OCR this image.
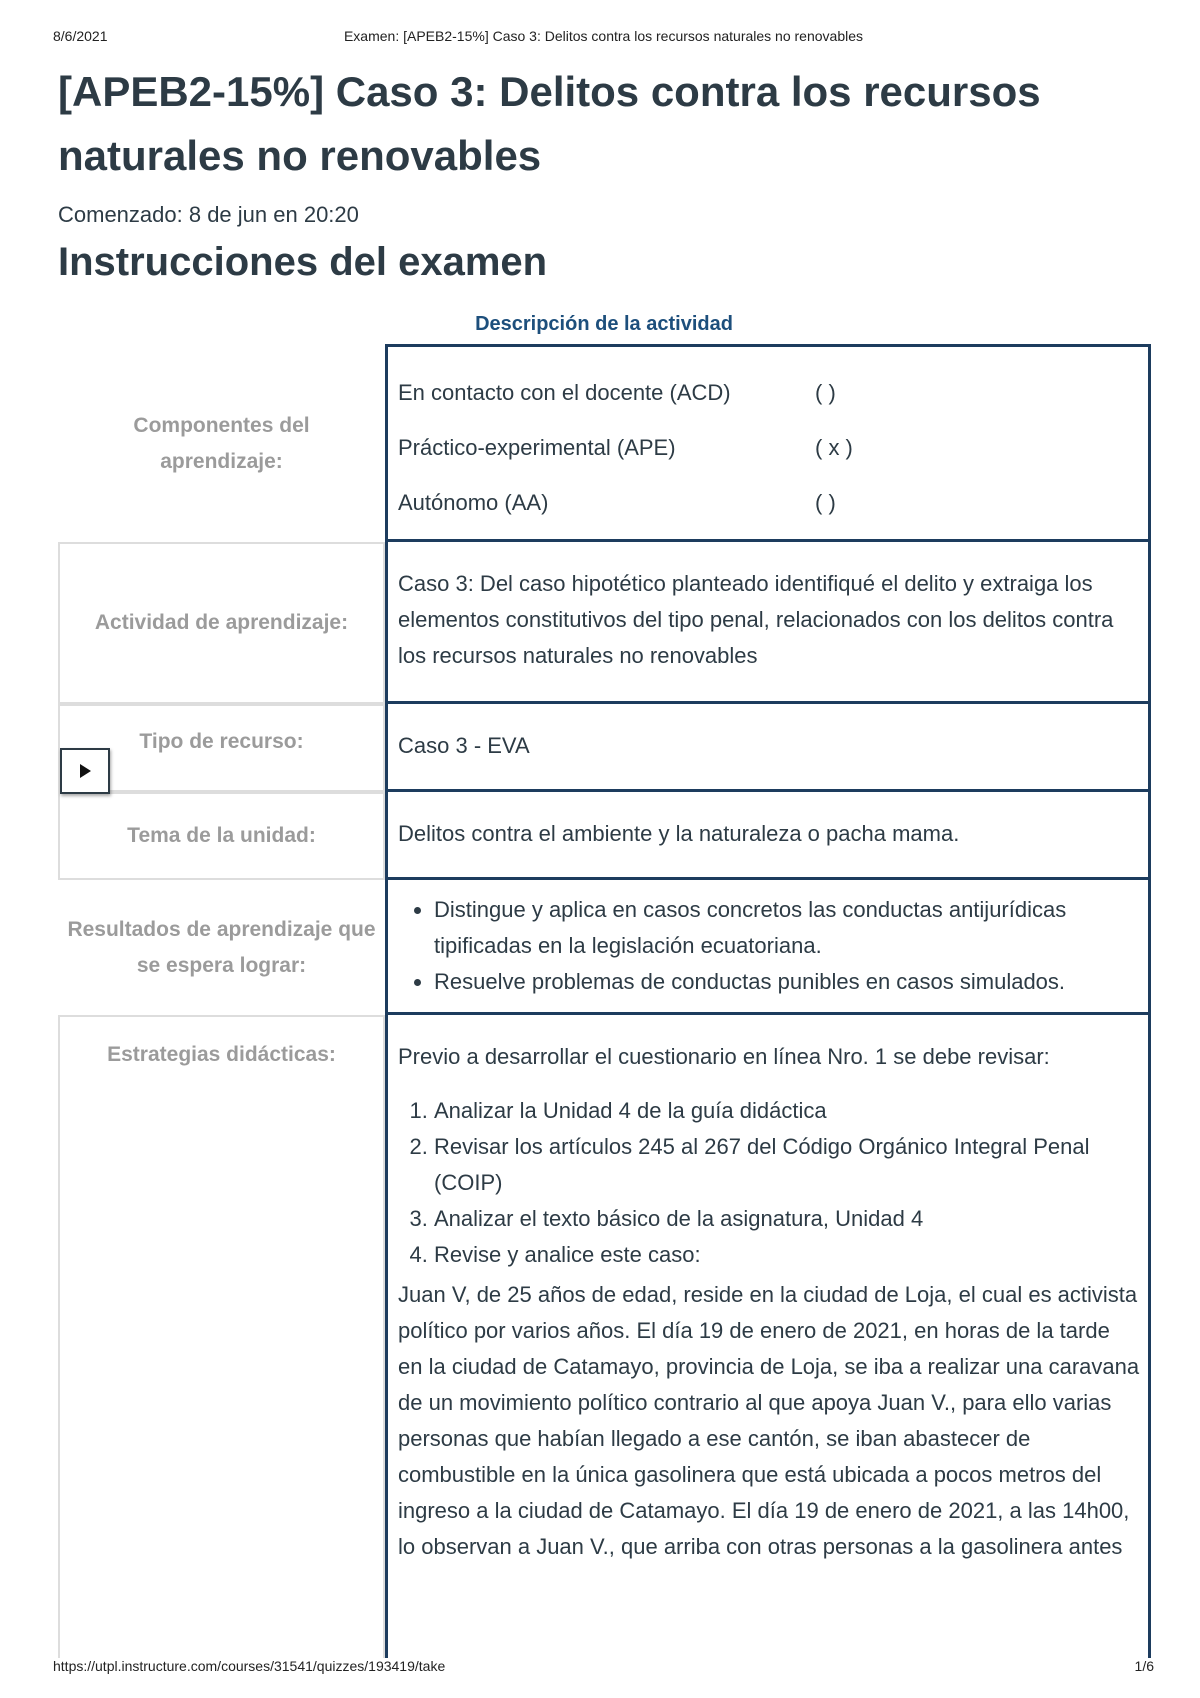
8/6/2021	Examen: [APEB2-15%] Caso 3: Delitos contra los recursos naturales no renovables
[APEB2-15%] Caso 3: Delitos contra los recursos naturales no renovables
Comenzado: 8 de jun en 20:20
Instrucciones del examen
Descripción de la actividad
Componentes del aprendizaje:
En contacto con el docente (ACD)	( )
Práctico-experimental (APE)	( x )
Autónomo (AA)	( )
Actividad de aprendizaje:
Caso 3: Del caso hipotético planteado identifiqué el delito y extraiga los elementos constitutivos del tipo penal, relacionados con los delitos contra los recursos naturales no renovables
Tipo de recurso:	Caso 3 - EVA
Tema de la unidad:	Delitos contra el ambiente y la naturaleza o pacha mama.
Resultados de aprendizaje que se espera lograr:
• Distingue y aplica en casos concretos las conductas antijurídicas tipificadas en la legislación ecuatoriana.
• Resuelve problemas de conductas punibles en casos simulados.
Estrategias didácticas:	Previo a desarrollar el cuestionario en línea Nro. 1 se debe revisar:
1. Analizar la Unidad 4 de la guía didáctica
2. Revisar los artículos 245 al 267 del Código Orgánico Integral Penal (COIP)
3. Analizar el texto básico de la asignatura, Unidad 4
4. Revise y analice este caso:
Juan V, de 25 años de edad, reside en la ciudad de Loja, el cual es activista político por varios años. El día 19 de enero de 2021, en horas de la tarde en la ciudad de Catamayo, provincia de Loja, se iba a realizar una caravana de un movimiento político contrario al que apoya Juan V., para ello varias personas que habían llegado a ese cantón, se iban abastecer de combustible en la única gasolinera que está ubicada a pocos metros del ingreso a la ciudad de Catamayo. El día 19 de enero de 2021, a las 14h00, lo observan a Juan V., que arriba con otras personas a la gasolinera antes
https://utpl.instructure.com/courses/31541/quizzes/193419/take	1/6
